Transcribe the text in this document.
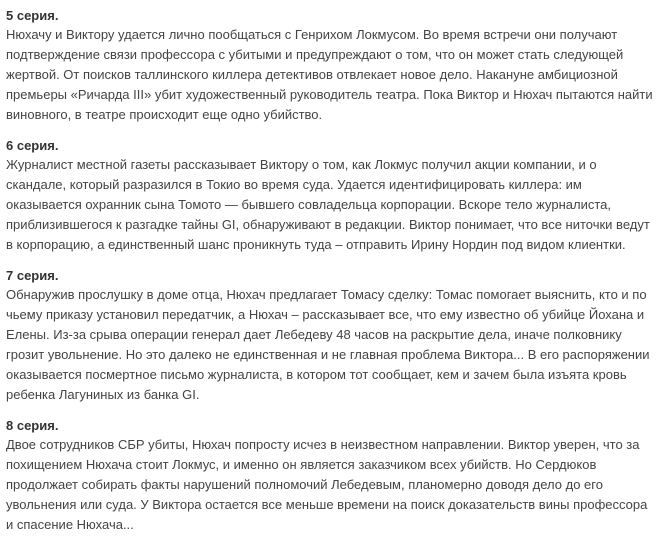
5 серия.

Нюхачу и Виктору удается лично пообщаться с Генрихом Локмусом. Во время встречи они получают подтверждение связи профессора с убитыми и предупреждают о том, что он может стать следующей жертвой. От поисков таллинского киллера детективов отвлекает новое дело. Накануне амбициозной премьеры «Ричарда III» убит художественный руководитель театра. Пока Виктор и Нюхач пытаются найти виновного, в театре происходит еще одно убийство.

6 серия.

Журналист местной газеты рассказывает Виктору о том, как Локмус получил акции компании, и о скандале, который разразился в Токио во время суда. Удается идентифицировать киллера: им оказывается охранник сына Томото — бывшего совладельца корпорации. Вскоре тело журналиста, приблизившегося к разгадке тайны GI, обнаруживают в редакции. Виктор понимает, что все ниточки ведут в корпорацию, а единственный шанс проникнуть туда – отправить Ирину Нордин под видом клиентки.

7 серия.

Обнаружив прослушку в доме отца, Нюхач предлагает Томасу сделку: Томас помогает выяснить, кто и по чьему приказу установил передатчик, а Нюхач – рассказывает все, что ему известно об убийце Йохана и Елены. Из-за срыва операции генерал дает Лебедеву 48 часов на раскрытие дела, иначе полковнику грозит увольнение. Но это далеко не единственная и не главная проблема Виктора... В его распоряжении оказывается посмертное письмо журналиста, в котором тот сообщает, кем и зачем была изъята кровь ребенка Лагуниных из банка GI.

8 серия.

Двое сотрудников СБР убиты, Нюхач попросту исчез в неизвестном направлении. Виктор уверен, что за похищением Нюхача стоит Локмус, и именно он является заказчиком всех убийств. Но Сердюков продолжает собирать факты нарушений полномочий Лебедевым, планомерно доводя дело до его увольнения или суда. У Виктора остается все меньше времени на поиск доказательств вины профессора и спасение Нюхача...
